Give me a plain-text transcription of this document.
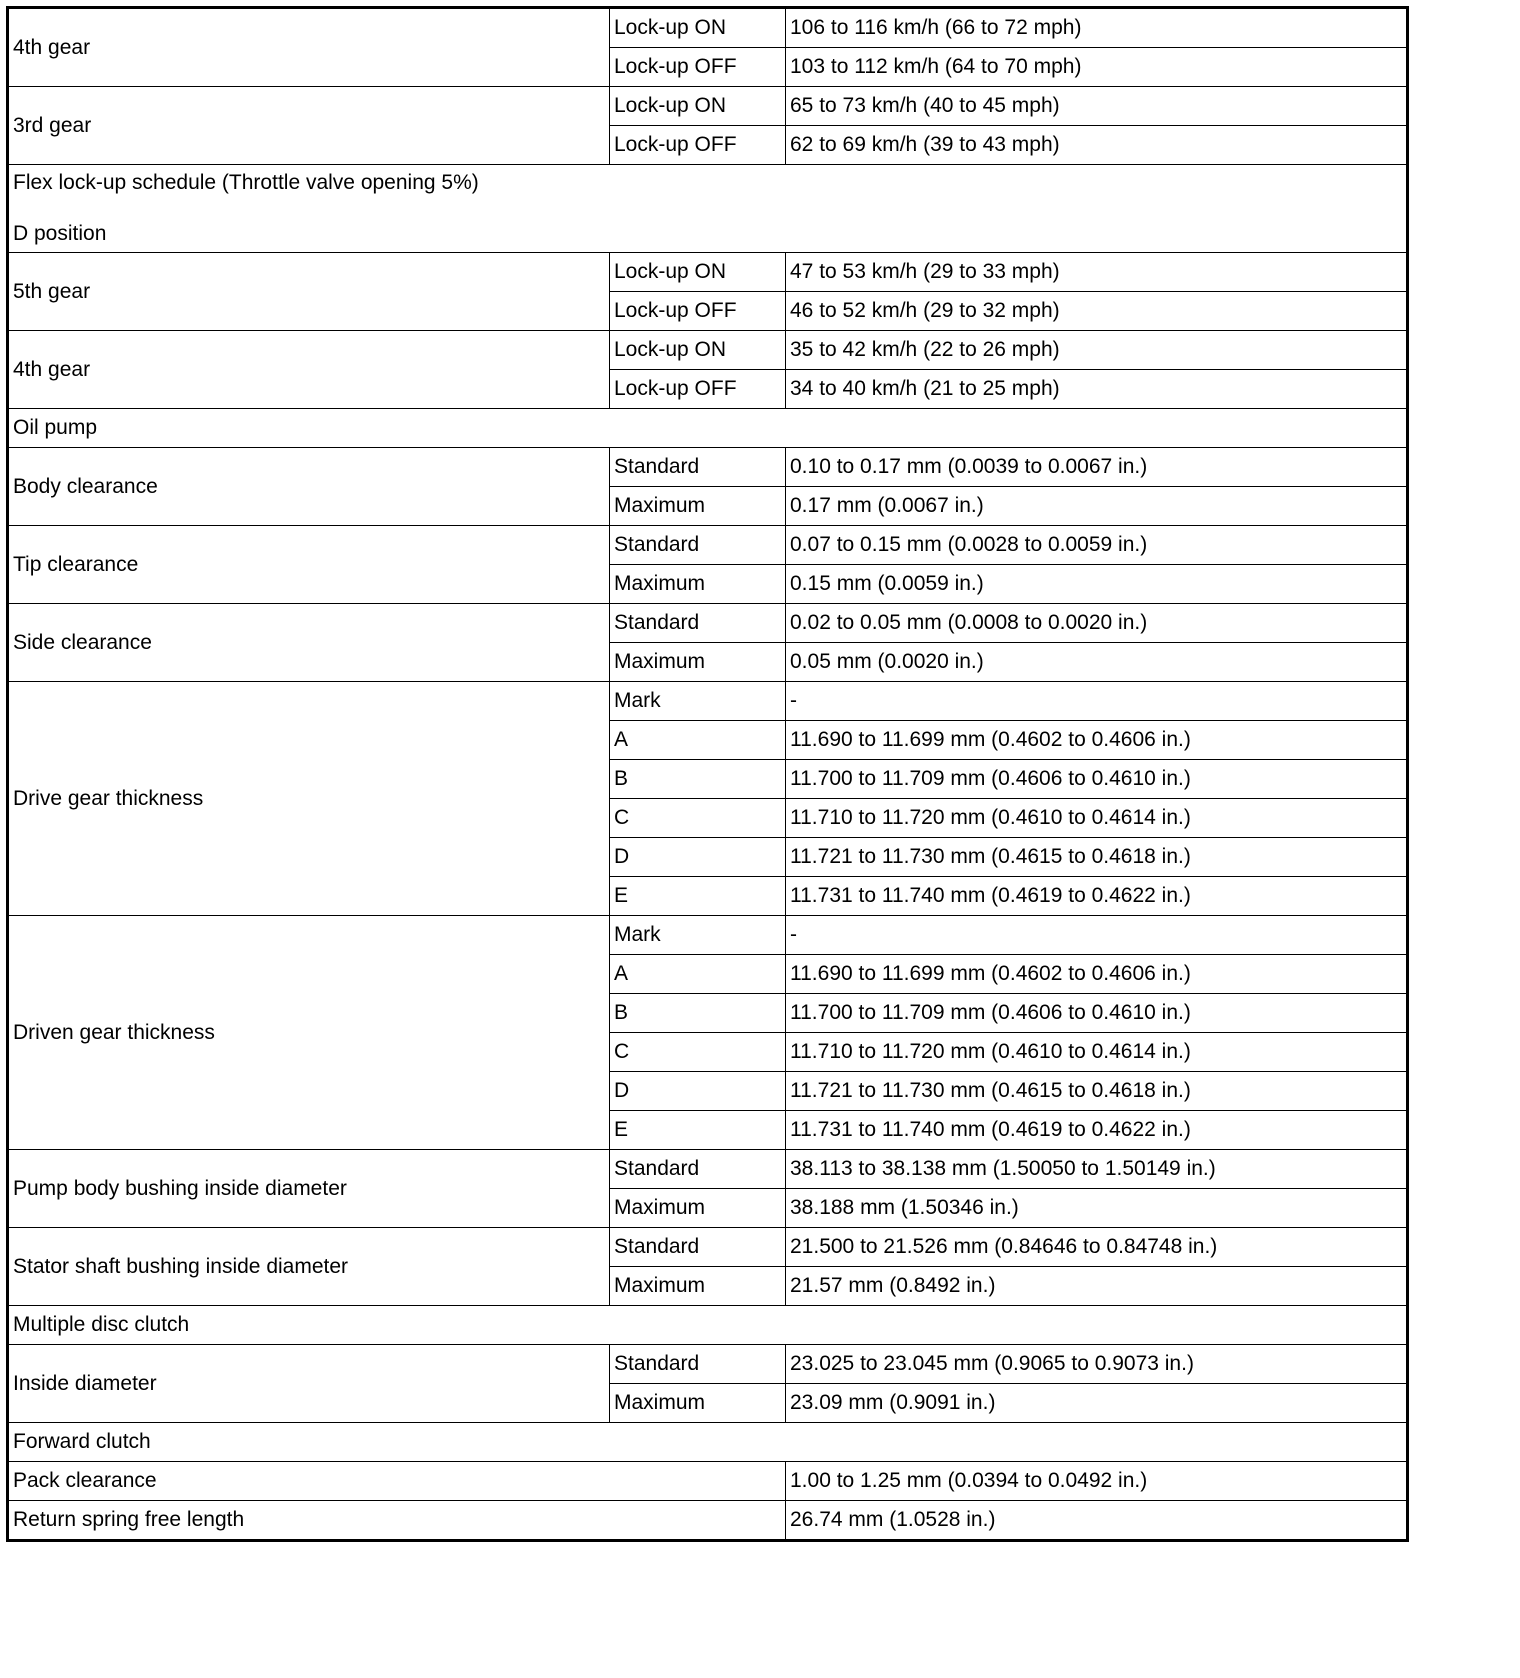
4th gear	Lock-up ON	106 to 116 km/h (66 to 72 mph)
	Lock-up OFF	103 to 112 km/h (64 to 70 mph)
3rd gear	Lock-up ON	65 to 73 km/h (40 to 45 mph)
	Lock-up OFF	62 to 69 km/h (39 to 43 mph)

Flex lock-up schedule (Throttle valve opening 5%)
D position		

5th gear	Lock-up ON	47 to 53 km/h (29 to 33 mph)
	Lock-up OFF	46 to 52 km/h (29 to 32 mph)
4th gear	Lock-up ON	35 to 42 km/h (22 to 26 mph)
	Lock-up OFF	34 to 40 km/h (21 to 25 mph)

Oil pump		

Body clearance	Standard	0.10 to 0.17 mm (0.0039 to 0.0067 in.)
	Maximum	0.17 mm (0.0067 in.)
Tip clearance	Standard	0.07 to 0.15 mm (0.0028 to 0.0059 in.)
	Maximum	0.15 mm (0.0059 in.)
Side clearance	Standard	0.02 to 0.05 mm (0.0008 to 0.0020 in.)
	Maximum	0.05 mm (0.0020 in.)
Drive gear thickness	Mark	-
	A	11.690 to 11.699 mm (0.4602 to 0.4606 in.)
	B	11.700 to 11.709 mm (0.4606 to 0.4610 in.)
	C	11.710 to 11.720 mm (0.4610 to 0.4614 in.)
	D	11.721 to 11.730 mm (0.4615 to 0.4618 in.)
	E	11.731 to 11.740 mm (0.4619 to 0.4622 in.)
Driven gear thickness	Mark	-
	A	11.690 to 11.699 mm (0.4602 to 0.4606 in.)
	B	11.700 to 11.709 mm (0.4606 to 0.4610 in.)
	C	11.710 to 11.720 mm (0.4610 to 0.4614 in.)
	D	11.721 to 11.730 mm (0.4615 to 0.4618 in.)
	E	11.731 to 11.740 mm (0.4619 to 0.4622 in.)
Pump body bushing inside diameter	Standard	38.113 to 38.138 mm (1.50050 to 1.50149 in.)
	Maximum	38.188 mm (1.50346 in.)
Stator shaft bushing inside diameter	Standard	21.500 to 21.526 mm (0.84646 to 0.84748 in.)
	Maximum	21.57 mm (0.8492 in.)

Multiple disc clutch		

Inside diameter	Standard	23.025 to 23.045 mm (0.9065 to 0.9073 in.)
	Maximum	23.09 mm (0.9091 in.)

Forward clutch		

Pack clearance		1.00 to 1.25 mm (0.0394 to 0.0492 in.)
Return spring free length		26.74 mm (1.0528 in.)
